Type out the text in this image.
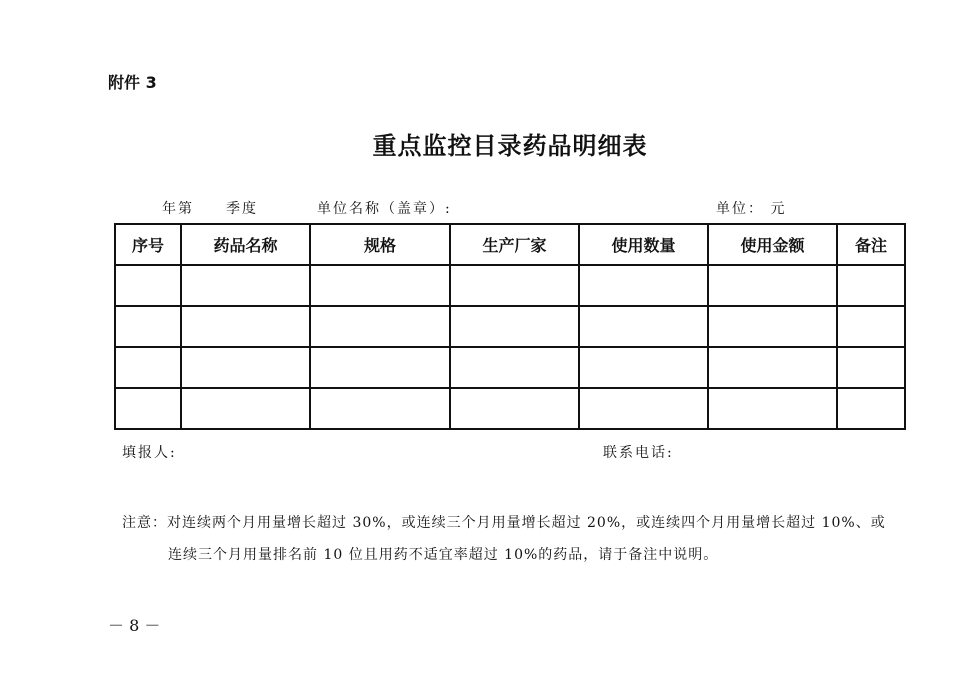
附件 3
重点监控目录药品明细表
年第 季度	单位名称（盖章）:	单位： 元
序号	药品名称	规格	生产厂家	使用数量	使用金额	备注

填报人:	联系电话:
注意：对连续两个月用量增长超过 30%，或连续三个月用量增长超过 20%，或连续四个月用量增长超过 10%、或
连续三个月用量排名前 10 位且用药不适宜率超过 10%的药品，请于备注中说明。
－ 8 －
